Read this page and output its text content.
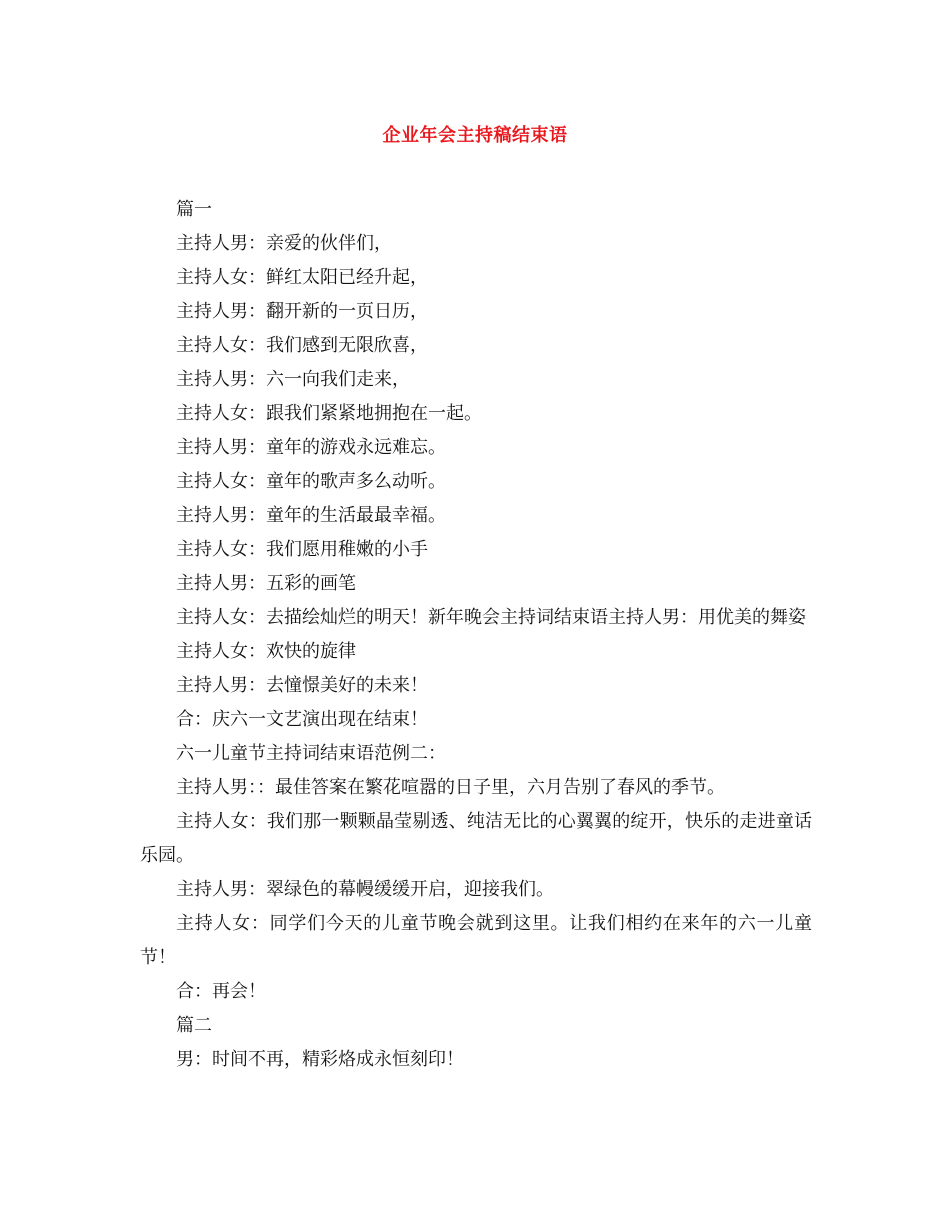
企业年会主持稿结束语

篇一

主持人男：亲爱的伙伴们，

主持人女：鲜红太阳已经升起，

主持人男：翻开新的一页日历，

主持人女：我们感到无限欣喜，

主持人男：六一向我们走来，

主持人女：跟我们紧紧地拥抱在一起。

主持人男：童年的游戏永远难忘。

主持人女：童年的歌声多么动听。

主持人男：童年的生活最最幸福。

主持人女：我们愿用稚嫩的小手

主持人男：五彩的画笔

主持人女：去描绘灿烂的明天！新年晚会主持词结束语主持人男：用优美的舞姿

主持人女：欢快的旋律

主持人男：去憧憬美好的未来！

合：庆六一文艺演出现在结束！

六一儿童节主持词结束语范例二：

主持人男：：最佳答案在繁花喧嚣的日子里，六月告别了春风的季节。

主持人女：我们那一颗颗晶莹剔透、纯洁无比的心翼翼的绽开，快乐的走进童话乐园。

主持人男：翠绿色的幕幔缓缓开启，迎接我们。

主持人女：同学们今天的儿童节晚会就到这里。让我们相约在来年的六一儿童节！

合：再会！

篇二

男：时间不再，精彩烙成永恒刻印！
